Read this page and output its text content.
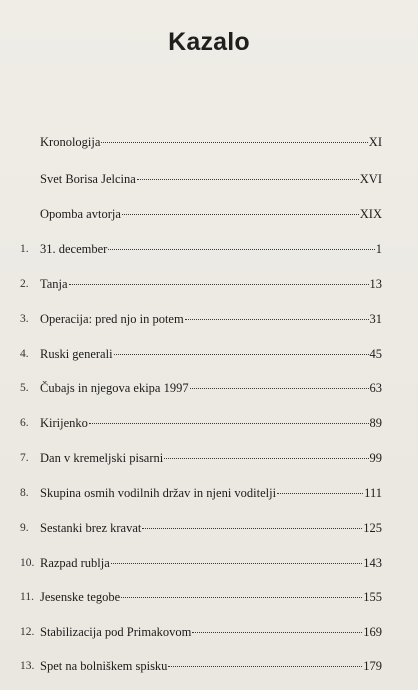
Kazalo
Kronologija	XI
Svet Borisa Jelcina	XVI
Opomba avtorja	XIX
1. 31. december	1
2. Tanja	13
3. Operacija: pred njo in potem	31
4. Ruski generali	45
5. Čubajs in njegova ekipa 1997	63
6. Kirijenko	89
7. Dan v kremeljski pisarni	99
8. Skupina osmih vodilnih držav in njeni voditelji	111
9. Sestanki brez kravat	125
10. Razpad rublja	143
11. Jesenske tegobe	155
12. Stabilizacija pod Primakovom	169
13. Spet na bolniškem spisku	179
